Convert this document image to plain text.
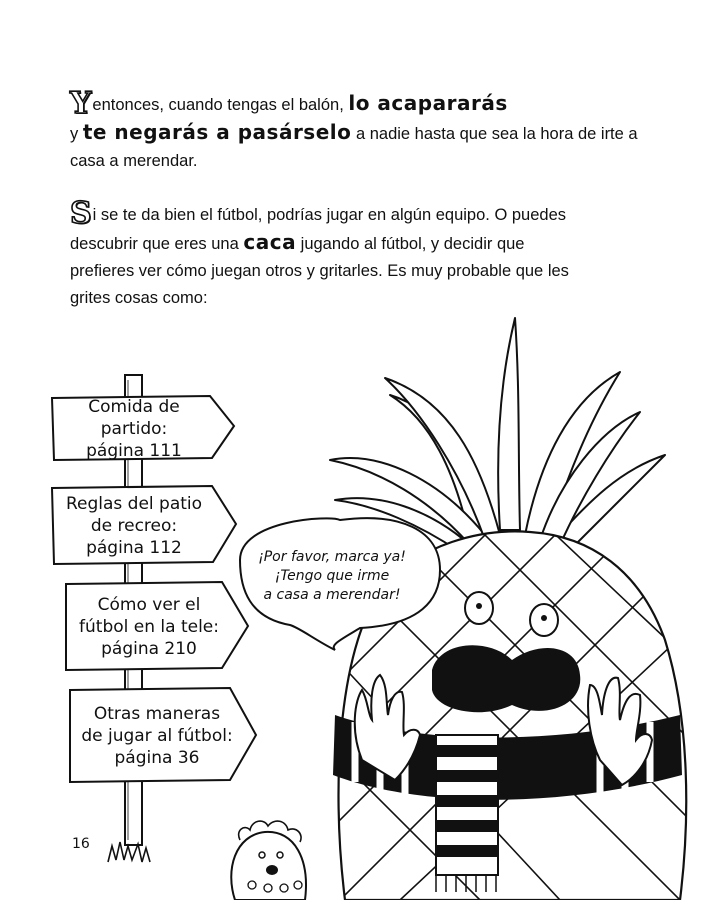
Yentonces, cuando tengas el balón, lo acapararás
y te negarás a pasárselo a nadie hasta que sea la hora de irte a casa a merendar.
Si se te da bien el fútbol, podrías jugar en algún equipo. O puedes descubrir que eres una caca jugando al fútbol, y decidir que prefieres ver cómo juegan otros y gritarles. Es muy probable que les grites cosas como:
Comida de partido:
página 111
Reglas del patio
de recreo:
página 112
Cómo ver el
fútbol en la tele:
página 210
Otras maneras
de jugar al fútbol:
página 36
¡Por favor, marca ya!
¡Tengo que irme
a casa a merendar!
16
